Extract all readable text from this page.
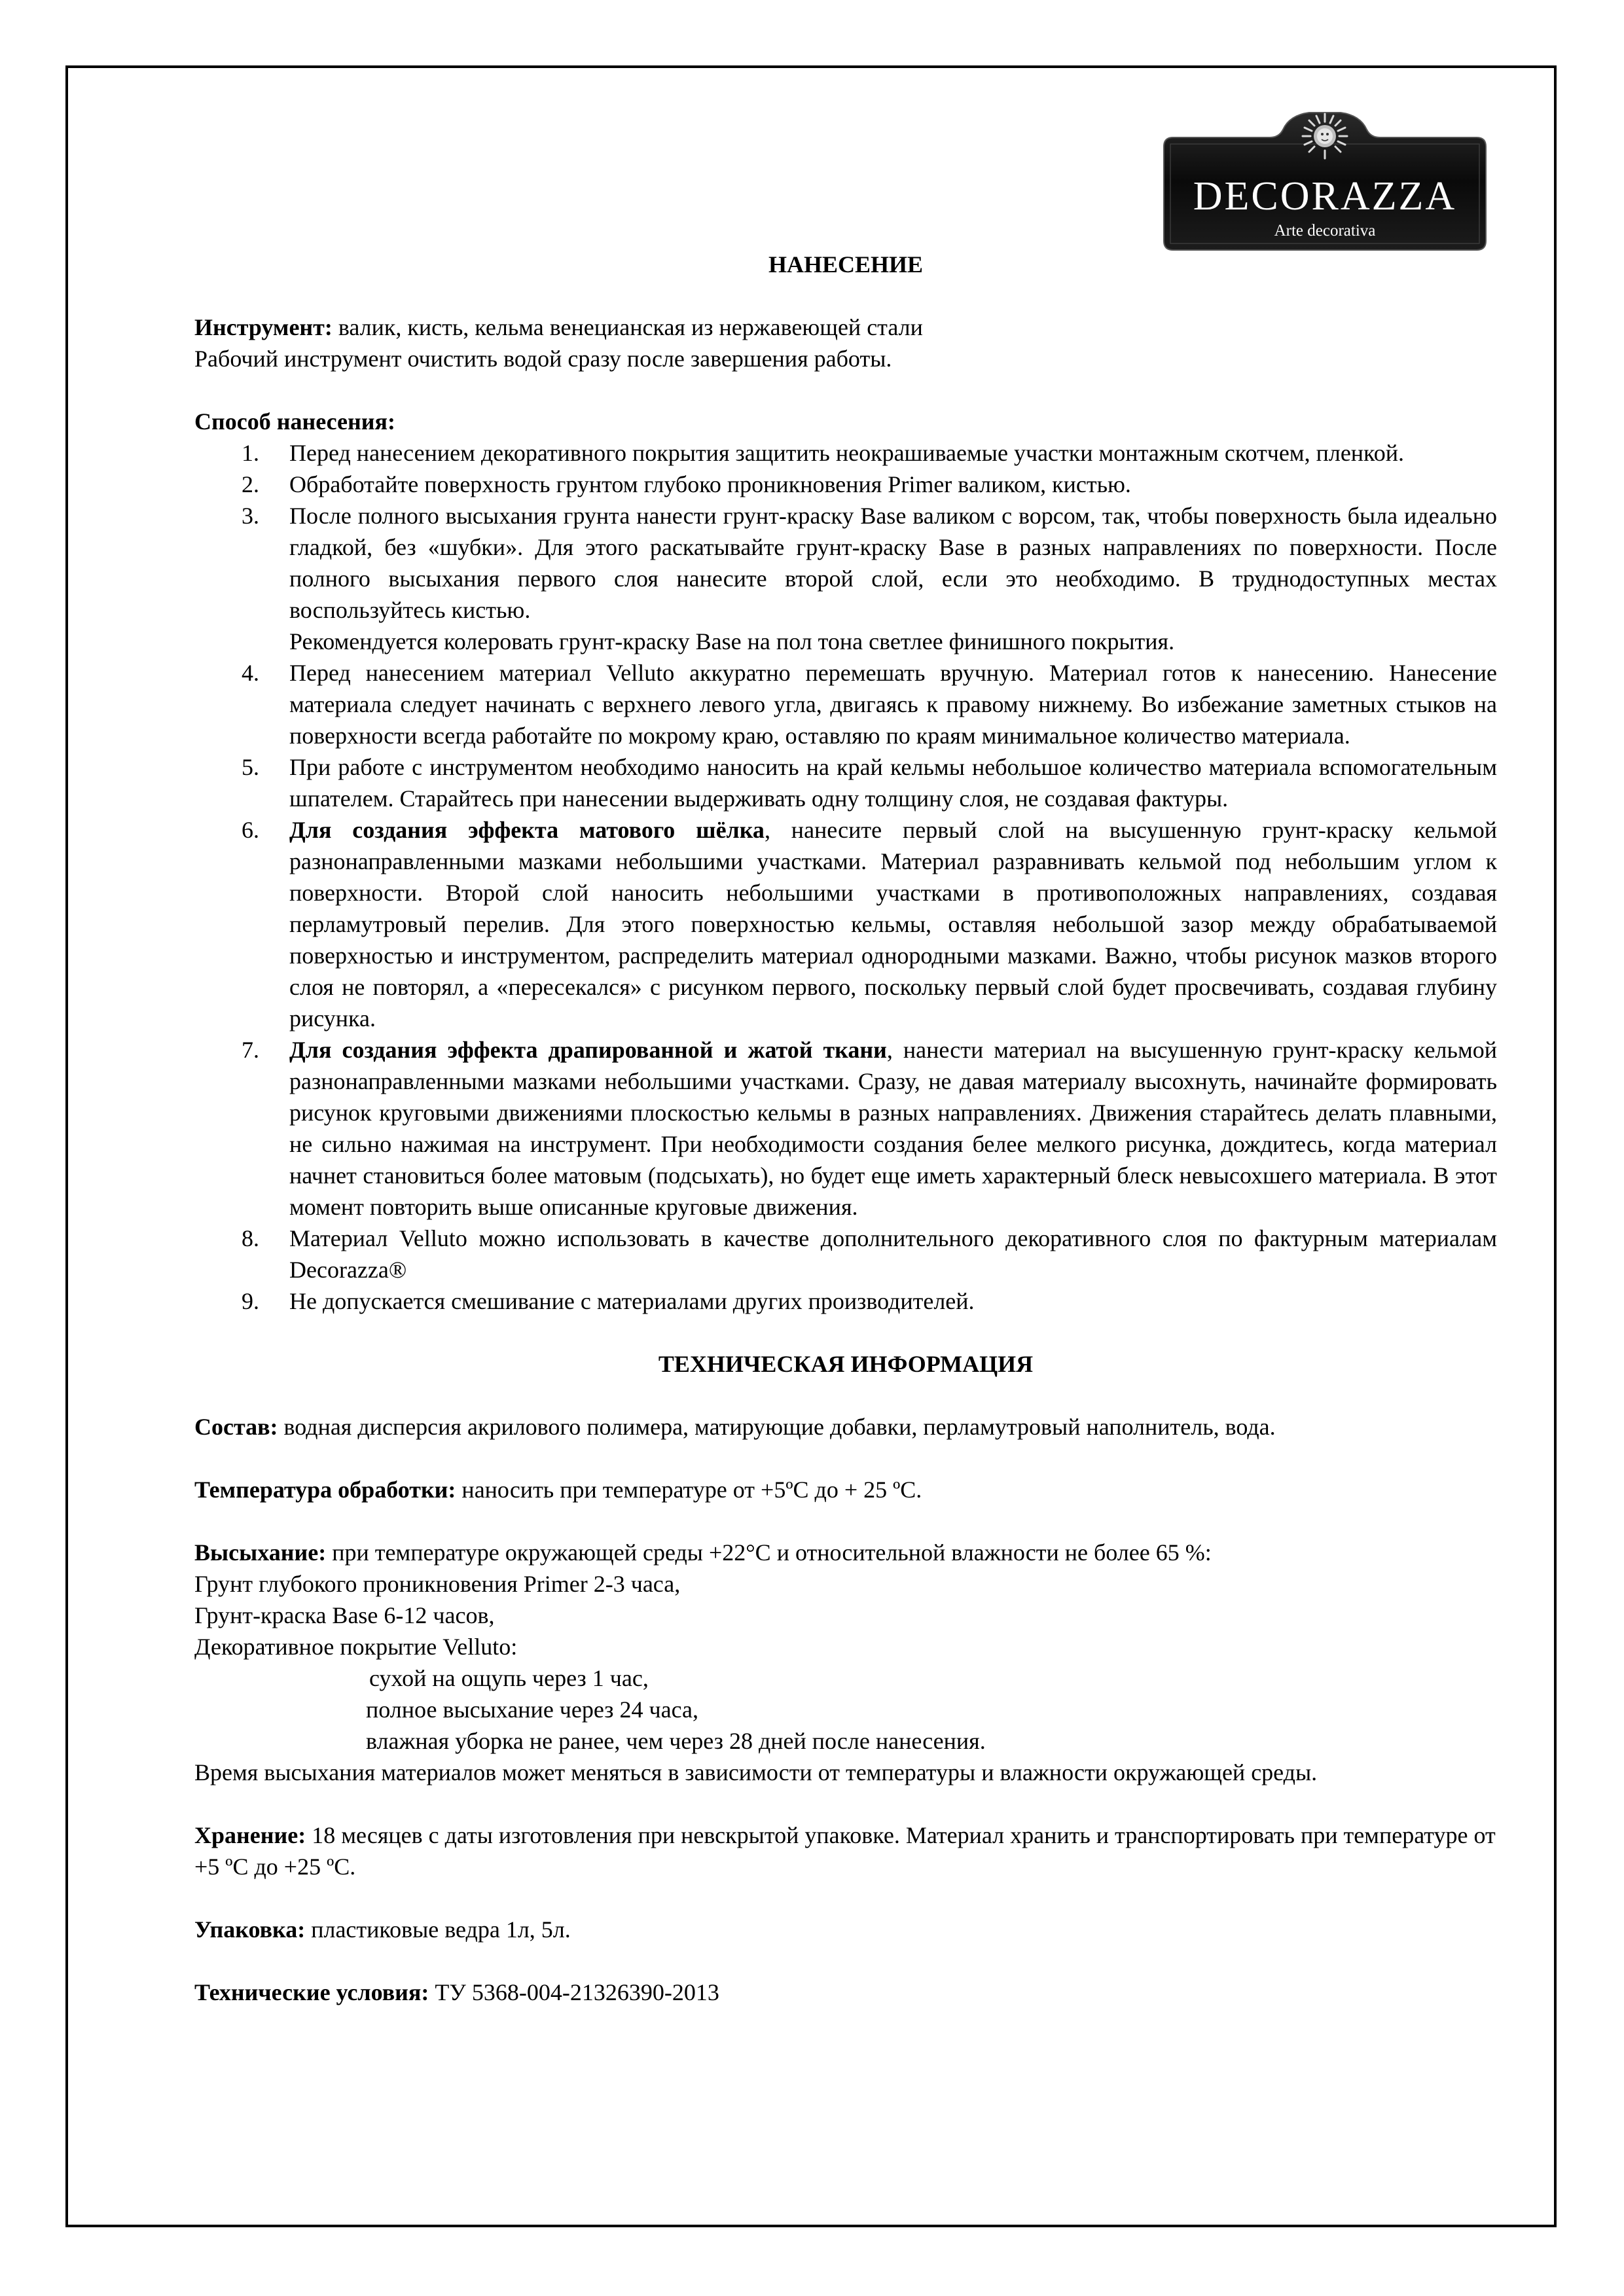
DECORAZZA
Arte decorativa

НАНЕСЕНИЕ

Инструмент: валик, кисть, кельма венецианская из нержавеющей стали

Рабочий инструмент очистить водой сразу после завершения работы.

Способ нанесения:

1. Перед нанесением декоративного покрытия защитить неокрашиваемые участки монтажным скотчем, пленкой.
2. Обработайте поверхность грунтом глубоко проникновения Primer валиком, кистью.
3. После полного высыхания грунта нанести грунт-краску Base валиком с ворсом, так, чтобы поверхность была идеально гладкой, без «шубки». Для этого раскатывайте грунт-краску Base в разных направлениях по поверхности. После полного высыхания первого слоя нанесите второй слой, если это необходимо. В труднодоступных местах воспользуйтесь кистью.
Рекомендуется колеровать грунт-краску Base на пол тона светлее финишного покрытия.
4. Перед нанесением материал Velluto аккуратно перемешать вручную. Материал готов к нанесению. Нанесение материала следует начинать с верхнего левого угла, двигаясь к правому нижнему. Во избежание заметных стыков на поверхности всегда работайте по мокрому краю, оставляю по краям минимальное количество материала.
5. При работе с инструментом необходимо наносить на край кельмы небольшое количество материала вспомогательным шпателем. Старайтесь при нанесении выдерживать одну толщину слоя, не создавая фактуры.
6. Для создания эффекта матового шёлка, нанесите первый слой на высушенную грунт-краску кельмой разнонаправленными мазками небольшими участками. Материал разравнивать кельмой под небольшим углом к поверхности. Второй слой наносить небольшими участками в противоположных направлениях, создавая перламутровый перелив. Для этого поверхностью кельмы, оставляя небольшой зазор между обрабатываемой поверхностью и инструментом, распределить материал однородными мазками. Важно, чтобы рисунок мазков второго слоя не повторял, а «пересекался» с рисунком первого, поскольку первый слой будет просвечивать, создавая глубину рисунка.
7. Для создания эффекта драпированной и жатой ткани, нанести материал на высушенную грунт-краску кельмой разнонаправленными мазками небольшими участками. Сразу, не давая материалу высохнуть, начинайте формировать рисунок круговыми движениями плоскостью кельмы в разных направлениях. Движения старайтесь делать плавными, не сильно нажимая на инструмент. При необходимости создания белее мелкого рисунка, дождитесь, когда материал начнет становиться более матовым (подсыхать), но будет еще иметь характерный блеск невысохшего материала. В этот момент повторить выше описанные круговые движения.
8. Материал Velluto можно использовать в качестве дополнительного декоративного слоя по фактурным материалам Decorazza®
9. Не допускается смешивание с материалами других производителей.

ТЕХНИЧЕСКАЯ ИНФОРМАЦИЯ

Состав: водная дисперсия акрилового полимера, матирующие добавки, перламутровый наполнитель, вода.

Температура обработки: наносить при температуре от +5ºС до + 25 ºС.

Высыхание: при температуре окружающей среды +22°С и относительной влажности не более 65 %:

Грунт глубокого проникновения Primer 2-3 часа,

Грунт-краска Base 6-12 часов,

Декоративное покрытие Velluto:

сухой на ощупь через 1 час,

полное высыхание через 24 часа,

влажная уборка не ранее, чем через 28 дней после нанесения.

Время высыхания материалов может меняться в зависимости от температуры и влажности окружающей среды.

Хранение: 18 месяцев с даты изготовления при невскрытой упаковке. Материал хранить и транспортировать при температуре от +5 ºС до +25 ºС.

Упаковка: пластиковые ведра 1л, 5л.

Технические условия: ТУ 5368-004-21326390-2013
